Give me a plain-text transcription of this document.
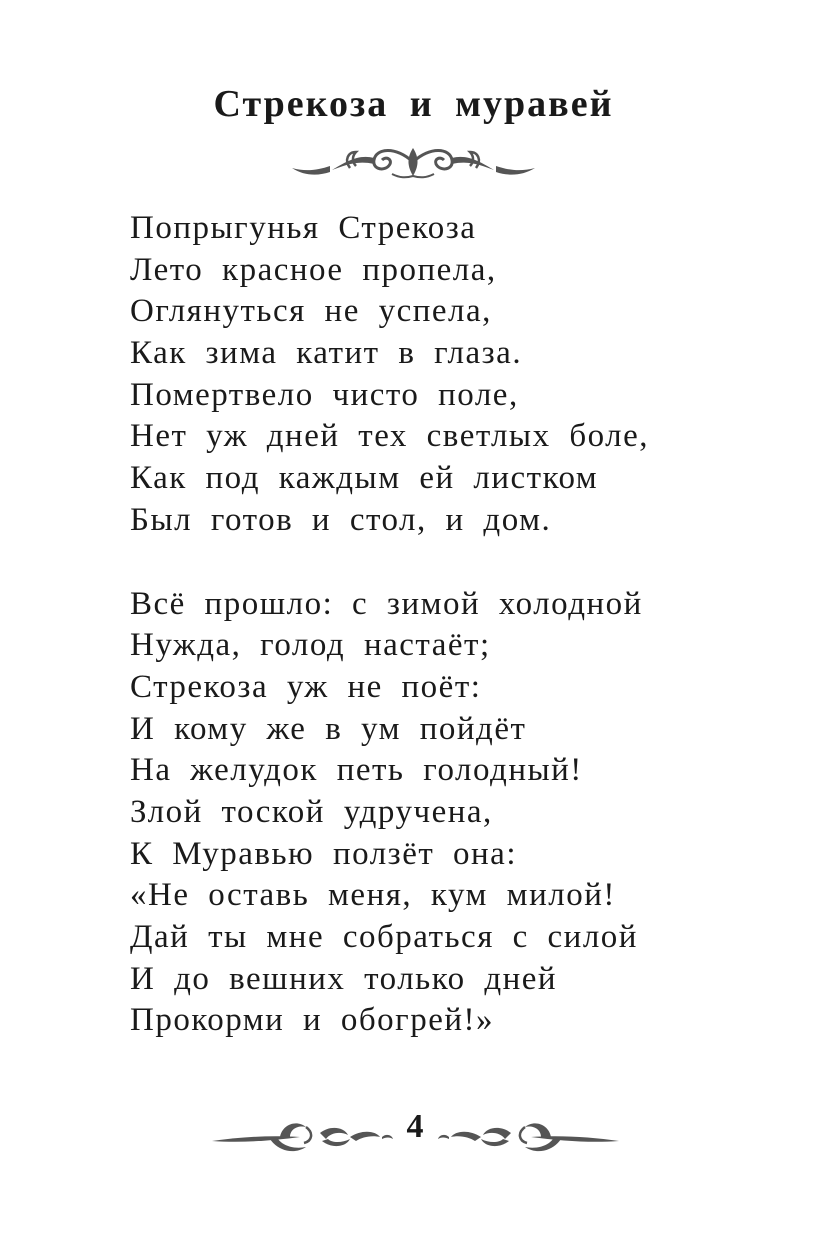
Стрекоза и муравей
Попрыгунья Стрекоза
Лето красное пропела,
Оглянуться не успела,
Как зима катит в глаза.
Помертвело чисто поле,
Нет уж дней тех светлых боле,
Как под каждым ей листком
Был готов и стол, и дом.
Всё прошло: с зимой холодной
Нужда, голод настаёт;
Стрекоза уж не поёт:
И кому же в ум пойдёт
На желудок петь голодный!
Злой тоской удручена,
К Муравью ползёт она:
«Не оставь меня, кум милой!
Дай ты мне собраться с силой
И до вешних только дней
Прокорми и обогрей!»
4
